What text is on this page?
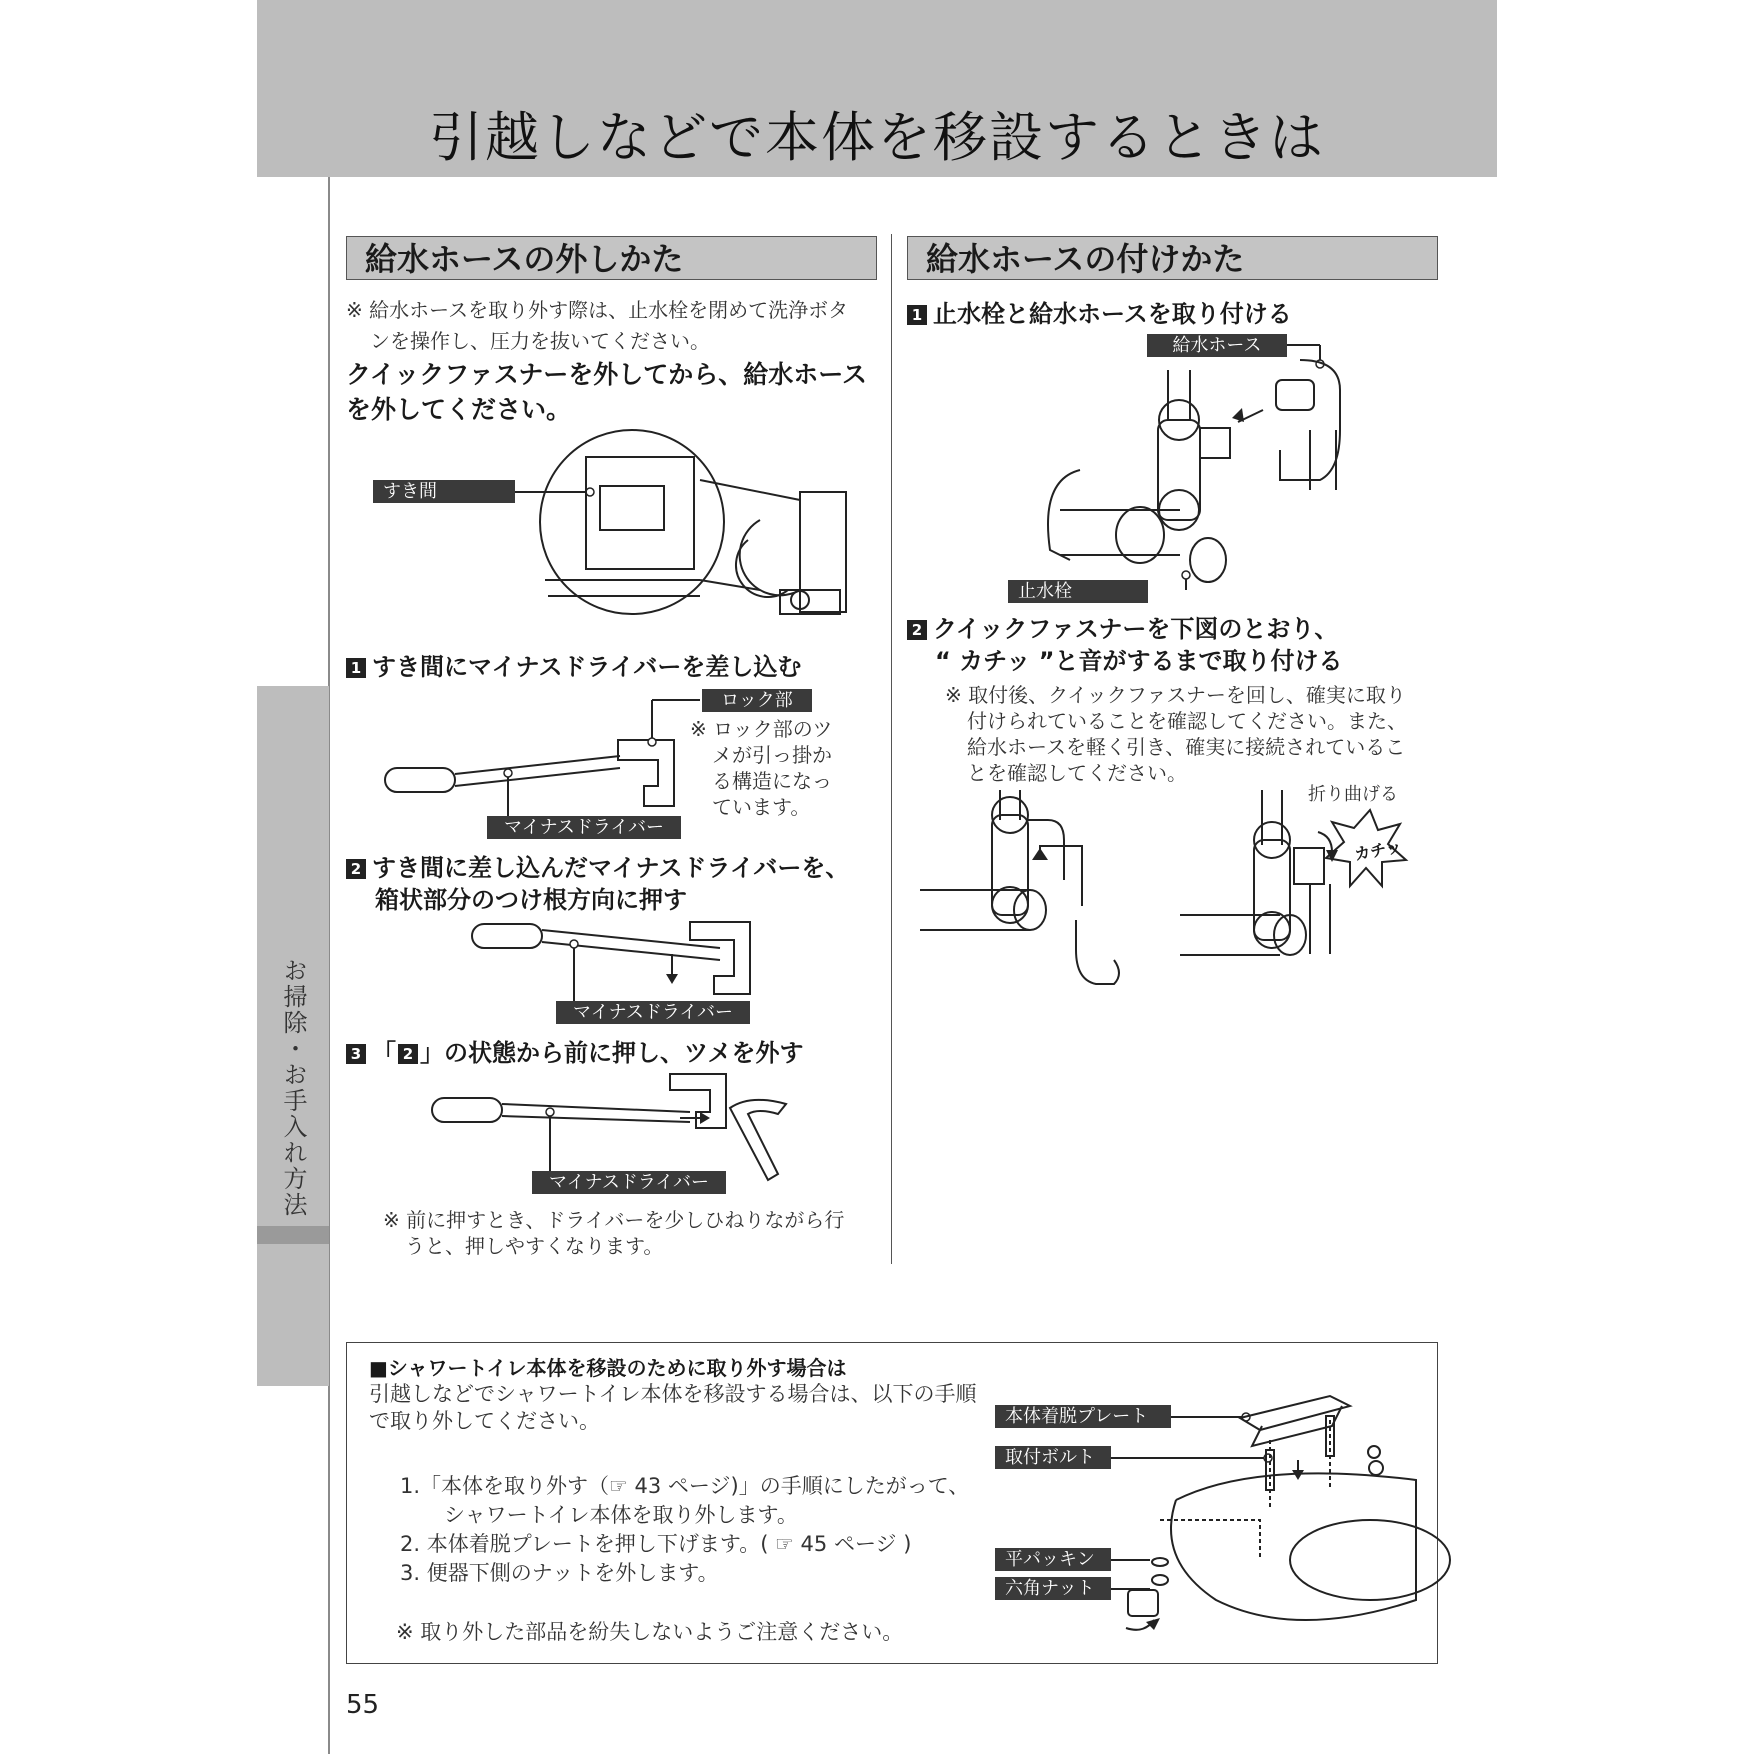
引越しなどで本体を移設するときは
お掃除・お手入れ方法
給水ホースの外しかた
※ 給水ホースを取り外す際は、止水栓を閉めて洗浄ボタ
ンを操作し、圧力を抜いてください。
クイックファスナーを外してから、給水ホース
を外してください。
すき間
1 すき間にマイナスドライバーを差し込む
ロック部
※ ロック部のツ
メが引っ掛か
る構造になっ
ています。
マイナスドライバー
2 すき間に差し込んだマイナスドライバーを、
箱状部分のつけ根方向に押す
マイナスドライバー
3 「 2 」の状態から前に押し、ツメを外す
マイナスドライバー
※ 前に押すとき、ドライバーを少しひねりながら行
うと、押しやすくなります。
給水ホースの付けかた
1 止水栓と給水ホースを取り付ける
給水ホース
止水栓
2 クイックファスナーを下図のとおり、
“ カチッ ”と音がするまで取り付ける
※ 取付後、クイックファスナーを回し、確実に取り
付けられていることを確認してください。また、
給水ホースを軽く引き、確実に接続されているこ
とを確認してください。
折り曲げる
カチッ
■シャワートイレ本体を移設のために取り外す場合は
引越しなどでシャワートイレ本体を移設する場合は、以下の手順
で取り外してください。
1.「本体を取り外す（☞ 43 ページ)」の手順にしたがって、
シャワートイレ本体を取り外します。
2. 本体着脱プレートを押し下げます。( ☞ 45 ページ )
3. 便器下側のナットを外します。
※ 取り外した部品を紛失しないようご注意ください。
本体着脱プレート
取付ボルト
平パッキン
六角ナット
55
